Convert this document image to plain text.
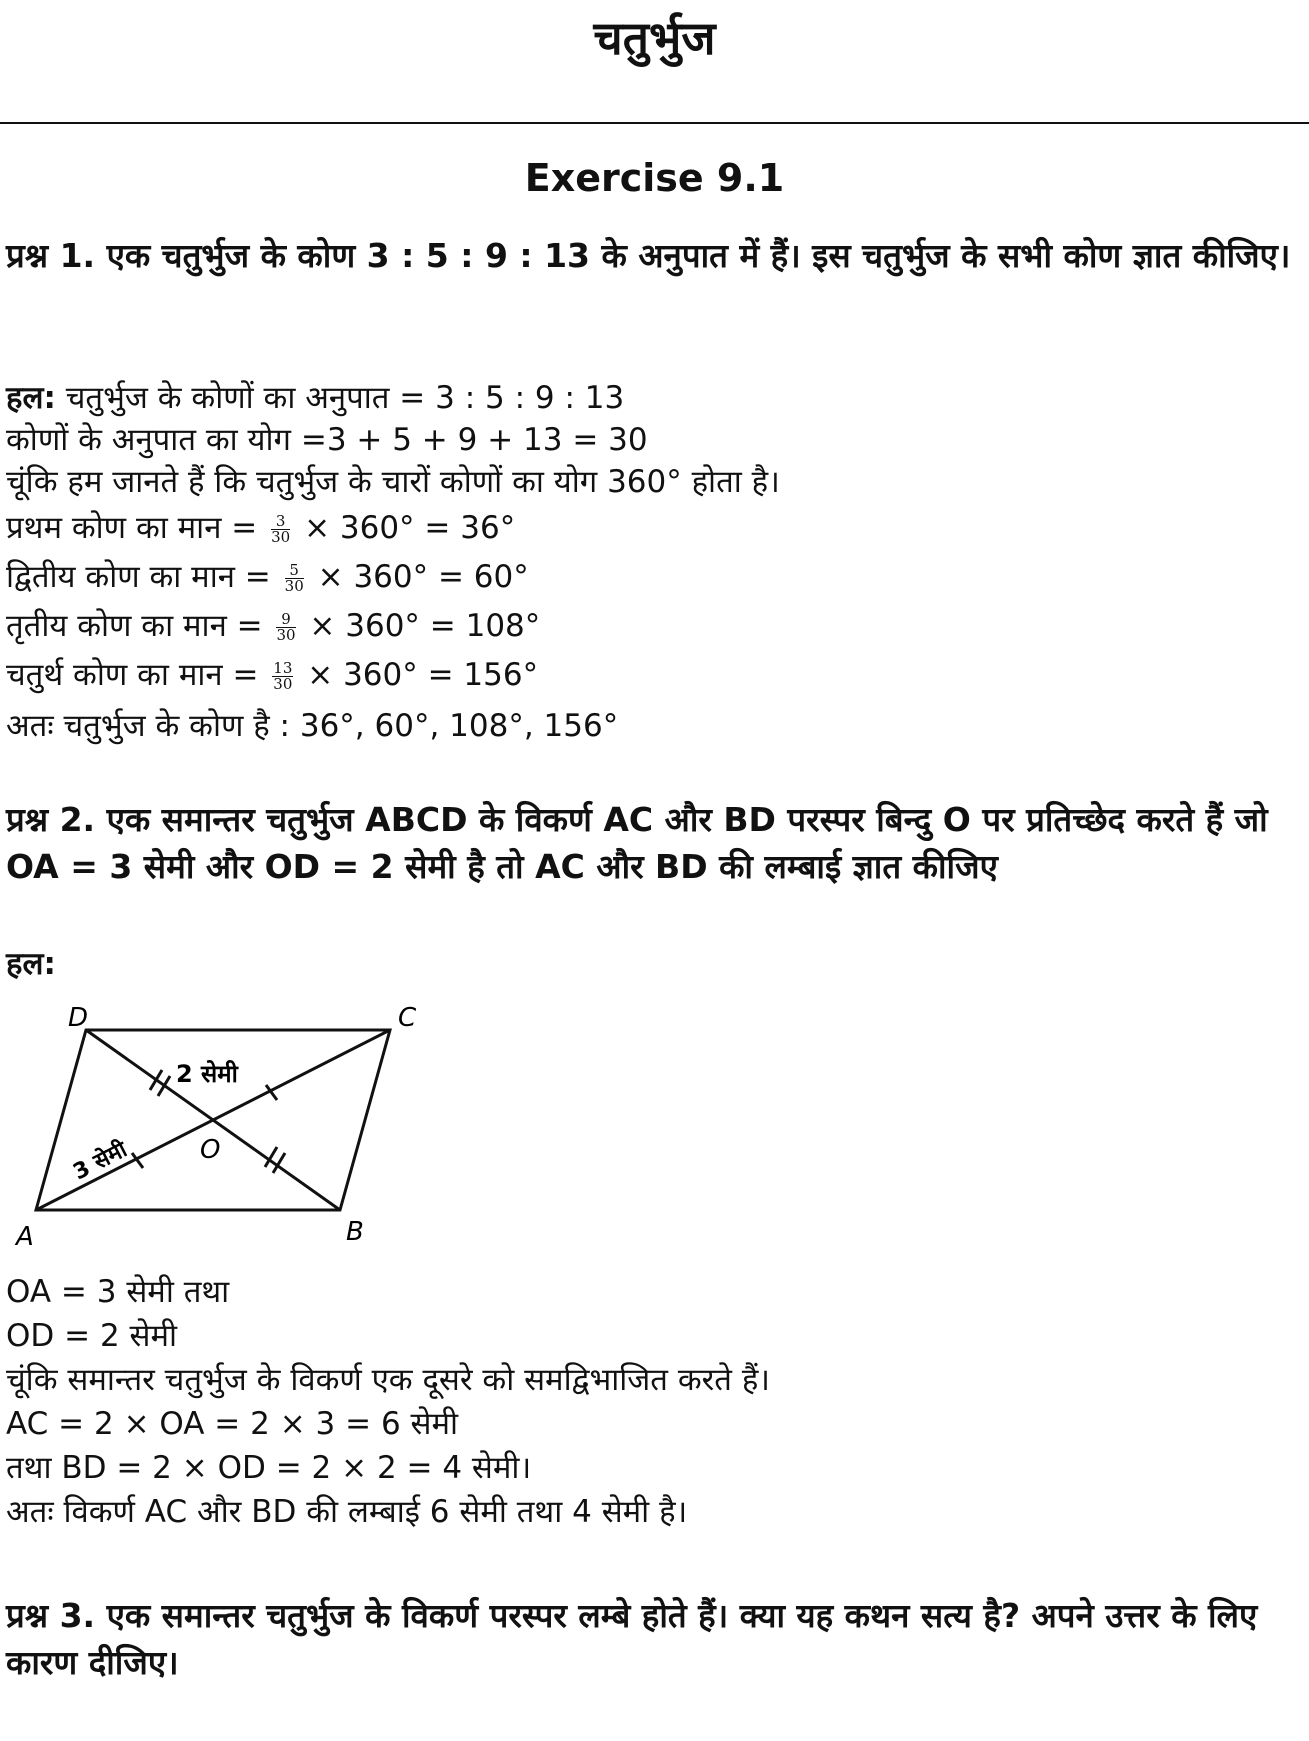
चतुर्भुज
Exercise 9.1
प्रश्न 1. एक चतुर्भुज के कोण 3 : 5 : 9 : 13 के अनुपात में हैं। इस चतुर्भुज के सभी कोण ज्ञात कीजिए।
हल: चतुर्भुज के कोणों का अनुपात = 3 : 5 : 9 : 13
कोणों के अनुपात का योग =3 + 5 + 9 + 13 = 30
चूंकि हम जानते हैं कि चतुर्भुज के चारों कोणों का योग 360° होता है।
प्रथम कोण का मान = $\frac{3}{30} \times 360^\circ = 36^\circ$
द्वितीय कोण का मान = $\frac{5}{30} \times 360^\circ = 60^\circ$
तृतीय कोण का मान = $\frac{9}{30} \times 360^\circ = 108^\circ$
चतुर्थ कोण का मान = $\frac{13}{30} \times 360^\circ = 156^\circ$
अतः चतुर्भुज के कोण है : 36°, 60°, 108°, 156°
प्रश्न 2. एक समान्तर चतुर्भुज ABCD के विकर्ण AC और BD परस्पर बिन्दु O पर प्रतिच्छेद करते हैं जो OA = 3 सेमी और OD = 2 सेमी है तो AC और BD की लम्बाई ज्ञात कीजिए
हल:
D	C
A	B
O
2 सेमी
3 सेमी
OA = 3 सेमी तथा
OD = 2 सेमी
चूंकि समान्तर चतुर्भुज के विकर्ण एक दूसरे को समद्विभाजित करते हैं।
AC = 2 × OA = 2 × 3 = 6 सेमी
तथा BD = 2 × OD = 2 × 2 = 4 सेमी।
अतः विकर्ण AC और BD की लम्बाई 6 सेमी तथा 4 सेमी है।
प्रश्न 3. एक समान्तर चतुर्भुज के विकर्ण परस्पर लम्बे होते हैं। क्या यह कथन सत्य है? अपने उत्तर के लिए कारण दीजिए।
